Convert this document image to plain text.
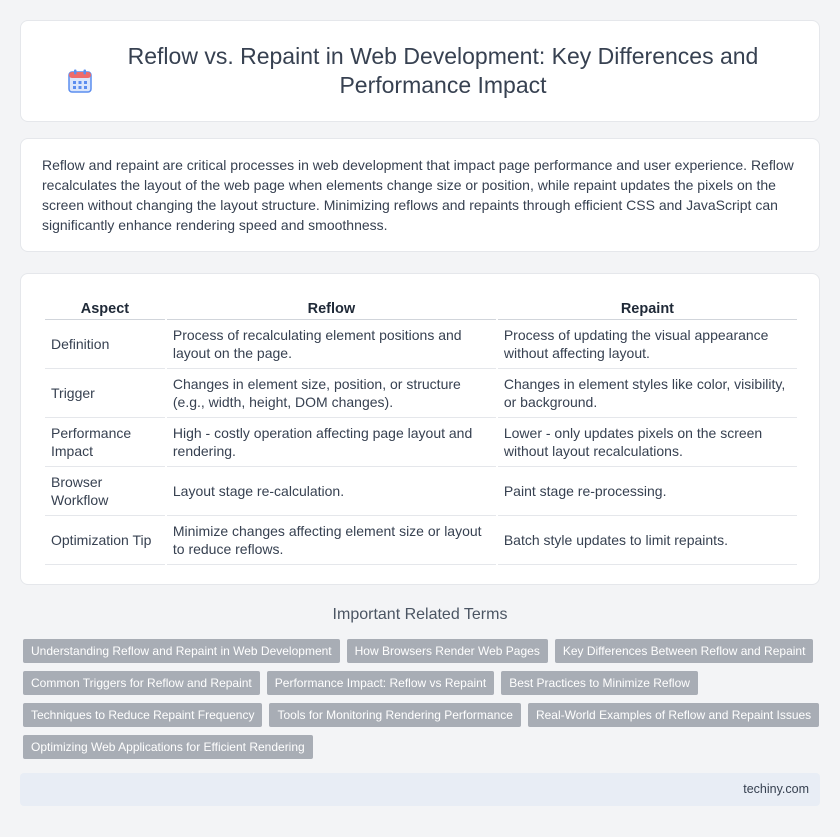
Reflow vs. Repaint in Web Development: Key Differences and Performance Impact

Reflow and repaint are critical processes in web development that impact page performance and user experience. Reflow recalculates the layout of the web page when elements change size or position, while repaint updates the pixels on the screen without changing the layout structure. Minimizing reflows and repaints through efficient CSS and JavaScript can significantly enhance rendering speed and smoothness.

Aspect	Reflow	Repaint
Definition	Process of recalculating element positions and layout on the page.	Process of updating the visual appearance without affecting layout.
Trigger	Changes in element size, position, or structure (e.g., width, height, DOM changes).	Changes in element styles like color, visibility, or background.
Performance Impact	High - costly operation affecting page layout and rendering.	Lower - only updates pixels on the screen without layout recalculations.
Browser Workflow	Layout stage re-calculation.	Paint stage re-processing.
Optimization Tip	Minimize changes affecting element size or layout to reduce reflows.	Batch style updates to limit repaints.
Important Related Terms
Understanding Reflow and Repaint in Web Development	How Browsers Render Web Pages	Key Differences Between Reflow and Repaint
Common Triggers for Reflow and Repaint	Performance Impact: Reflow vs Repaint	Best Practices to Minimize Reflow
Techniques to Reduce Repaint Frequency	Tools for Monitoring Rendering Performance	Real-World Examples of Reflow and Repaint Issues
Optimizing Web Applications for Efficient Rendering
techiny.com
